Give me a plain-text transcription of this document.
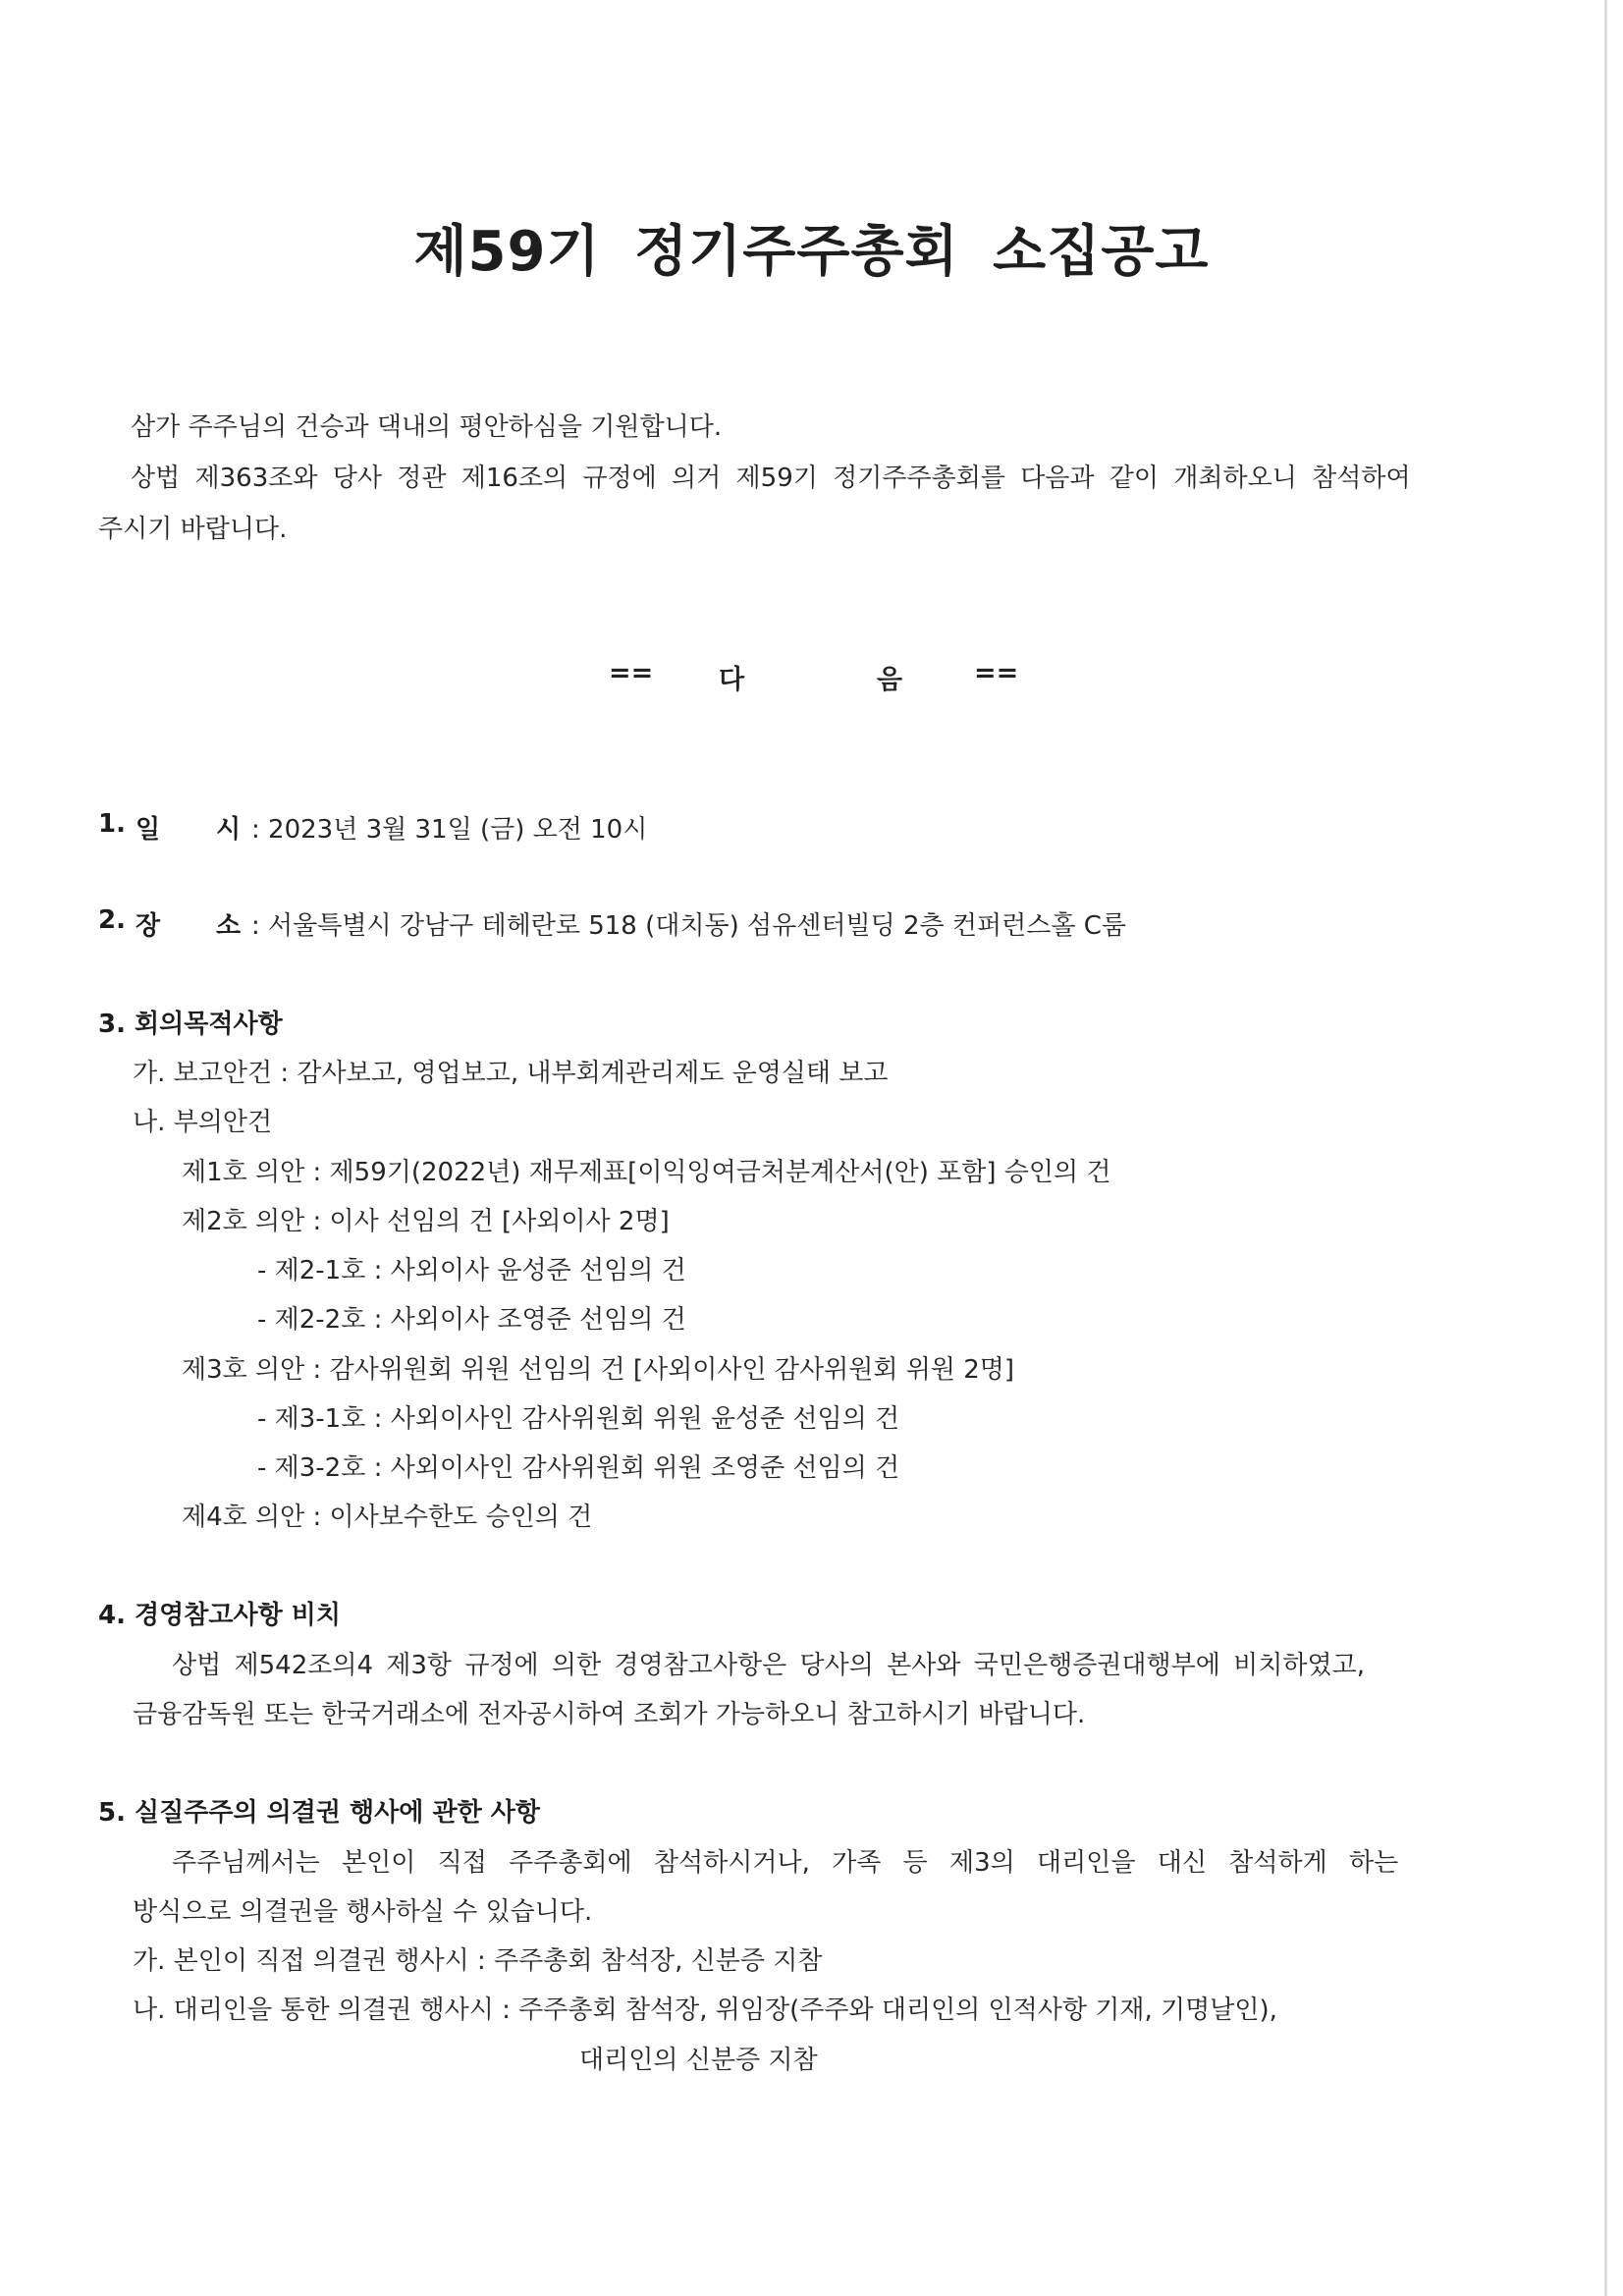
제59기 정기주주총회 소집공고
삼가 주주님의 건승과 댁내의 평안하심을 기원합니다.
상법 제363조와 당사 정관 제16조의 규정에 의거 제59기 정기주주총회를 다음과 같이 개최하오니 참석하여
주시기 바랍니다.
== 다	음	==
1. 일 시 : 2023년 3월 31일 (금) 오전 10시
2. 장 소 : 서울특별시 강남구 테헤란로 518 (대치동) 섬유센터빌딩 2층 컨퍼런스홀 C룸
3. 회의목적사항
가. 보고안건 : 감사보고, 영업보고, 내부회계관리제도 운영실태 보고
나. 부의안건
제1호 의안 : 제59기(2022년) 재무제표[이익잉여금처분계산서(안) 포함] 승인의 건
제2호 의안 : 이사 선임의 건 [사외이사 2명]
- 제2-1호 : 사외이사 윤성준 선임의 건
- 제2-2호 : 사외이사 조영준 선임의 건
제3호 의안 : 감사위원회 위원 선임의 건 [사외이사인 감사위원회 위원 2명]
- 제3-1호 : 사외이사인 감사위원회 위원 윤성준 선임의 건
- 제3-2호 : 사외이사인 감사위원회 위원 조영준 선임의 건
제4호 의안 : 이사보수한도 승인의 건
4. 경영참고사항 비치
상법 제542조의4 제3항 규정에 의한 경영참고사항은 당사의 본사와 국민은행증권대행부에 비치하였고,
금융감독원 또는 한국거래소에 전자공시하여 조회가 가능하오니 참고하시기 바랍니다.
5. 실질주주의 의결권 행사에 관한 사항
주주님께서는 본인이 직접 주주총회에 참석하시거나, 가족 등 제3의 대리인을 대신 참석하게 하는
방식으로 의결권을 행사하실 수 있습니다.
가. 본인이 직접 의결권 행사시 : 주주총회 참석장, 신분증 지참
나. 대리인을 통한 의결권 행사시 : 주주총회 참석장, 위임장(주주와 대리인의 인적사항 기재, 기명날인),
대리인의 신분증 지참
